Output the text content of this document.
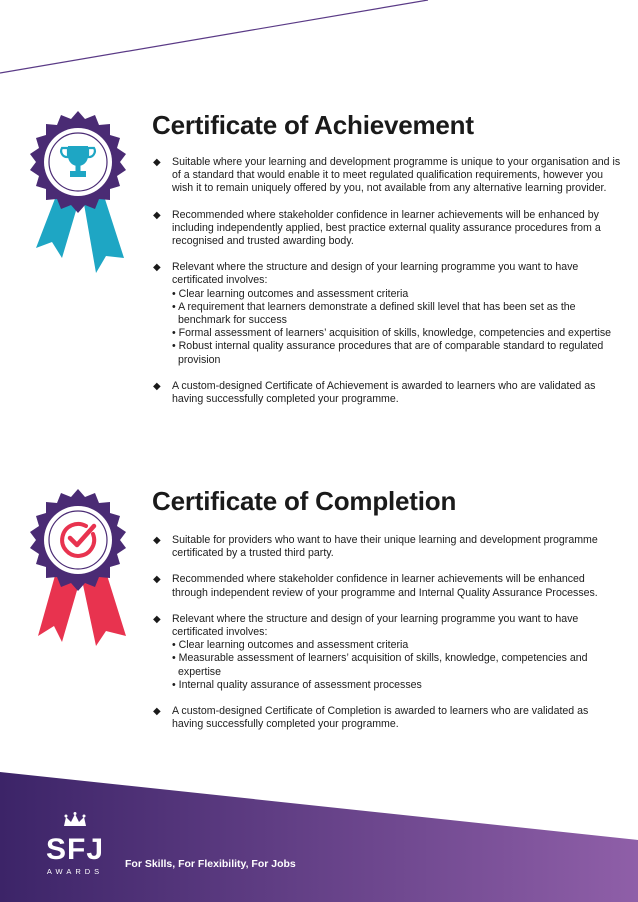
Certificate of Achievement

◆ Suitable where your learning and development programme is unique to your organisation and is of a standard that would enable it to meet regulated qualification requirements, however you wish it to remain uniquely offered by you, not available from any alternative learning provider.

◆ Recommended where stakeholder confidence in learner achievements will be enhanced by including independently applied, best practice external quality assurance procedures from a recognised and trusted awarding body.

◆ Relevant where the structure and design of your learning programme you want to have certificated involves:
• Clear learning outcomes and assessment criteria
• A requirement that learners demonstrate a defined skill level that has been set as the benchmark for success
• Formal assessment of learners’ acquisition of skills, knowledge, competencies and expertise
• Robust internal quality assurance procedures that are of comparable standard to regulated provision

◆ A custom-designed Certificate of Achievement is awarded to learners who are validated as having successfully completed your programme.

Certificate of Completion

◆ Suitable for providers who want to have their unique learning and development programme certificated by a trusted third party.

◆ Recommended where stakeholder confidence in learner achievements will be enhanced through independent review of your programme and Internal Quality Assurance Processes.

◆ Relevant where the structure and design of your learning programme you want to have certificated involves:
• Clear learning outcomes and assessment criteria
• Measurable assessment of learners’ acquisition of skills, knowledge, competencies and expertise
• Internal quality assurance of assessment processes

◆ A custom-designed Certificate of Completion is awarded to learners who are validated as having successfully completed your programme.

SFJ
AWARDS
For Skills, For Flexibility, For Jobs
